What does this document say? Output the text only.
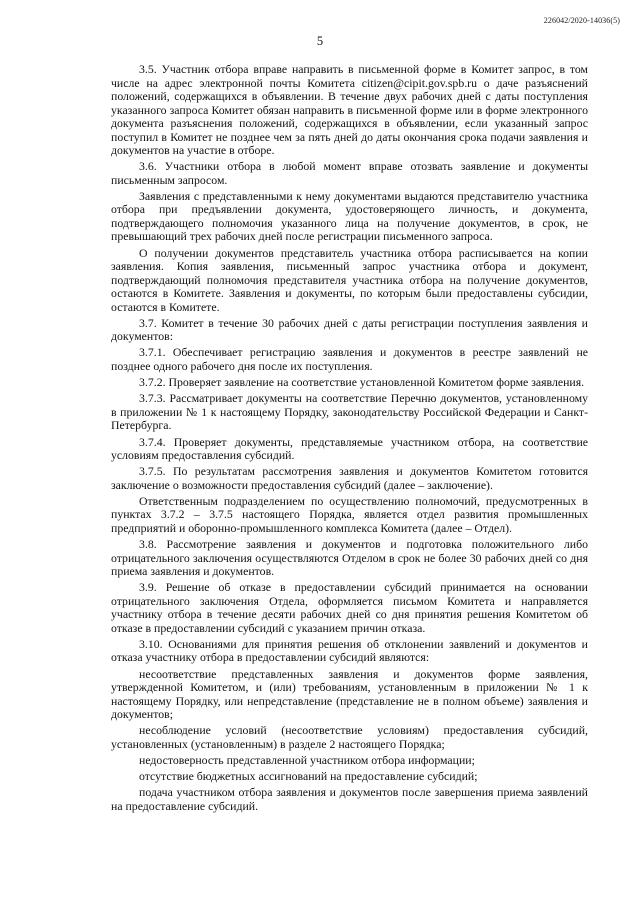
226042/2020-14036(5)
5

3.5. Участник отбора вправе направить в письменной форме в Комитет запрос, в том числе на адрес электронной почты Комитета citizen@cipit.gov.spb.ru о даче разъяснений положений, содержащихся в объявлении. В течение двух рабочих дней с даты поступления указанного запроса Комитет обязан направить в письменной форме или в форме электронного документа разъяснения положений, содержащихся в объявлении, если указанный запрос поступил в Комитет не позднее чем за пять дней до даты окончания срока подачи заявления и документов на участие в отборе.

3.6. Участники отбора в любой момент вправе отозвать заявление и документы письменным запросом.

Заявления с представленными к нему документами выдаются представителю участника отбора при предъявлении документа, удостоверяющего личность, и документа, подтверждающего полномочия указанного лица на получение документов, в срок, не превышающий трех рабочих дней после регистрации письменного запроса.

О получении документов представитель участника отбора расписывается на копии заявления. Копия заявления, письменный запрос участника отбора и документ, подтверждающий полномочия представителя участника отбора на получение документов, остаются в Комитете. Заявления и документы, по которым были предоставлены субсидии, остаются в Комитете.

3.7. Комитет в течение 30 рабочих дней с даты регистрации поступления заявления и документов:

3.7.1. Обеспечивает регистрацию заявления и документов в реестре заявлений не позднее одного рабочего дня после их поступления.

3.7.2. Проверяет заявление на соответствие установленной Комитетом форме заявления.

3.7.3. Рассматривает документы на соответствие Перечню документов, установленному в приложении № 1 к настоящему Порядку, законодательству Российской Федерации и Санкт-Петербурга.

3.7.4. Проверяет документы, представляемые участником отбора, на соответствие условиям предоставления субсидий.

3.7.5. По результатам рассмотрения заявления и документов Комитетом готовится заключение о возможности предоставления субсидий (далее – заключение).

Ответственным подразделением по осуществлению полномочий, предусмотренных в пунктах 3.7.2 – 3.7.5 настоящего Порядка, является отдел развития промышленных предприятий и оборонно-промышленного комплекса Комитета (далее – Отдел).

3.8. Рассмотрение заявления и документов и подготовка положительного либо отрицательного заключения осуществляются Отделом в срок не более 30 рабочих дней со дня приема заявления и документов.

3.9. Решение об отказе в предоставлении субсидий принимается на основании отрицательного заключения Отдела, оформляется письмом Комитета и направляется участнику отбора в течение десяти рабочих дней со дня принятия решения Комитетом об отказе в предоставлении субсидий с указанием причин отказа.

3.10. Основаниями для принятия решения об отклонении заявлений и документов и отказа участнику отбора в предоставлении субсидий являются:

несоответствие представленных заявления и документов форме заявления, утвержденной Комитетом, и (или) требованиям, установленным в приложении № 1 к настоящему Порядку, или непредставление (представление не в полном объеме) заявления и документов;

несоблюдение условий (несоответствие условиям) предоставления субсидий, установленных (установленным) в разделе 2 настоящего Порядка;

недостоверность представленной участником отбора информации;

отсутствие бюджетных ассигнований на предоставление субсидий;

подача участником отбора заявления и документов после завершения приема заявлений на предоставление субсидий.
